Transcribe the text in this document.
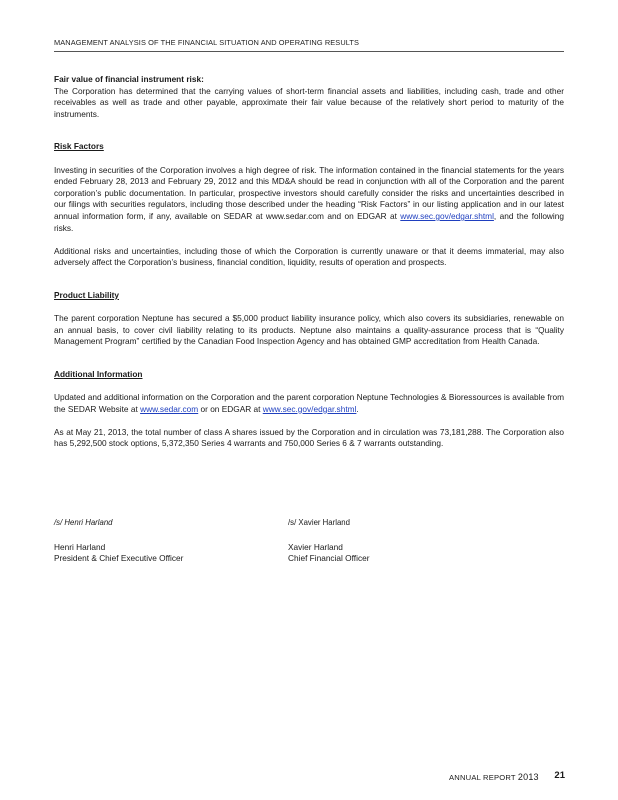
MANAGEMENT ANALYSIS OF THE FINANCIAL SITUATION AND OPERATING RESULTS

Fair value of financial instrument risk:

The Corporation has determined that the carrying values of short-term financial assets and liabilities, including cash, trade and other receivables as well as trade and other payable, approximate their fair value because of the relatively short period to maturity of the instruments.

Risk Factors

Investing in securities of the Corporation involves a high degree of risk. The information contained in the financial statements for the years ended February 28, 2013 and February 29, 2012 and this MD&A should be read in conjunction with all of the Corporation and the parent corporation’s public documentation. In particular, prospective investors should carefully consider the risks and uncertainties described in our filings with securities regulators, including those described under the heading “Risk Factors” in our listing application and in our latest annual information form, if any, available on SEDAR at www.sedar.com and on EDGAR at www.sec.gov/edgar.shtml, and the following risks.

Additional risks and uncertainties, including those of which the Corporation is currently unaware or that it deems immaterial, may also adversely affect the Corporation’s business, financial condition, liquidity, results of operation and prospects.

Product Liability

The parent corporation Neptune has secured a $5,000 product liability insurance policy, which also covers its subsidiaries, renewable on an annual basis, to cover civil liability relating to its products. Neptune also maintains a quality-assurance process that is “Quality Management Program” certified by the Canadian Food Inspection Agency and has obtained GMP accreditation from Health Canada.

Additional Information

Updated and additional information on the Corporation and the parent corporation Neptune Technologies & Bioressources is available from the SEDAR Website at www.sedar.com or on EDGAR at www.sec.gov/edgar.shtml.

As at May 21, 2013, the total number of class A shares issued by the Corporation and in circulation was 73,181,288. The Corporation also has 5,292,500 stock options, 5,372,350 Series 4 warrants and 750,000 Series 6 & 7 warrants outstanding.

/s/ Henri Harland
Henri Harland
President & Chief Executive Officer
/s/ Xavier Harland
Xavier Harland
Chief Financial Officer
ANNUAL REPORT 2013 21
